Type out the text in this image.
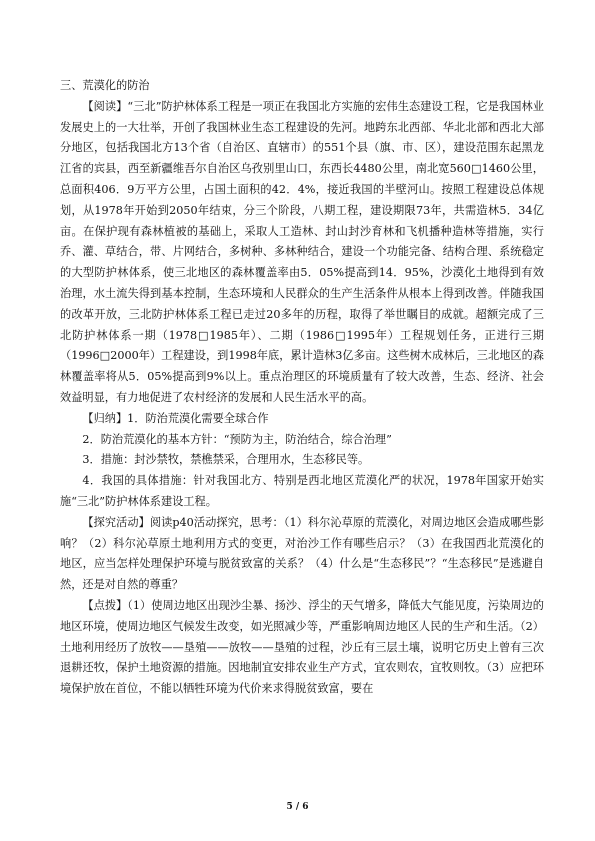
三、荒漠化的防治

【阅读】“三北”防护林体系工程是一项正在我国北方实施的宏伟生态建设工程，它是我国林业发展史上的一大壮举，开创了我国林业生态工程建设的先河。地跨东北西部、华北北部和西北大部分地区，包括我国北方13个省（自治区、直辖市）的551个县（旗、市、区），建设范围东起黑龙江省的宾县，西至新疆维吾尔自治区乌孜别里山口，东西长4480公里，南北宽560□1460公里，总面积406．9万平方公里，占国土面积的42．4%，接近我国的半壁河山。按照工程建设总体规划，从1978年开始到2050年结束，分三个阶段，八期工程，建设期限73年，共需造林5．34亿亩。在保护现有森林植被的基础上，采取人工造林、封山封沙育林和飞机播种造林等措施，实行乔、灌、草结合，带、片网结合，多树种、多林种结合，建设一个功能完备、结构合理、系统稳定的大型防护林体系，使三北地区的森林覆盖率由5．05%提高到14．95%，沙漠化土地得到有效治理，水土流失得到基本控制，生态环境和人民群众的生产生活条件从根本上得到改善。伴随我国的改革开放，三北防护林体系工程已走过20多年的历程，取得了举世瞩目的成就。超额完成了三北防护林体系一期（1978□1985年）、二期（1986□1995年）工程规划任务，正进行三期（1996□2000年）工程建设，到1998年底，累计造林3亿多亩。这些树木成林后，三北地区的森林覆盖率将从5．05%提高到9%以上。重点治理区的环境质量有了较大改善，生态、经济、社会效益明显，有力地促进了农村经济的发展和人民生活水平的高。

【归纳】1．防治荒漠化需要全球合作

2．防治荒漠化的基本方针：“预防为主，防治结合，综合治理”

3．措施：封沙禁牧，禁樵禁采，合理用水，生态移民等。

4．我国的具体措施：针对我国北方、特别是西北地区荒漠化严的状况，1978年国家开始实施“三北”防护林体系建设工程。

【探究活动】阅读p40活动探究，思考：（1）科尔沁草原的荒漠化，对周边地区会造成哪些影响？（2）科尔沁草原土地利用方式的变更，对治沙工作有哪些启示？（3）在我国西北荒漠化的地区，应当怎样处理保护环境与脱贫致富的关系？（4）什么是“生态移民”？“生态移民”是逃避自然，还是对自然的尊重？

【点拨】（1）使周边地区出现沙尘暴、扬沙、浮尘的天气增多，降低大气能见度，污染周边的地区环境，使周边地区气候发生改变，如光照减少等，严重影响周边地区人民的生产和生活。（2）土地利用经历了放牧——垦殖——放牧——垦殖的过程，沙丘有三层土壤，说明它历史上曾有三次退耕还牧，保护土地资源的措施。因地制宜安排农业生产方式，宜农则农，宜牧则牧。（3）应把环境保护放在首位，不能以牺牲环境为代价来求得脱贫致富，要在

5 / 6
